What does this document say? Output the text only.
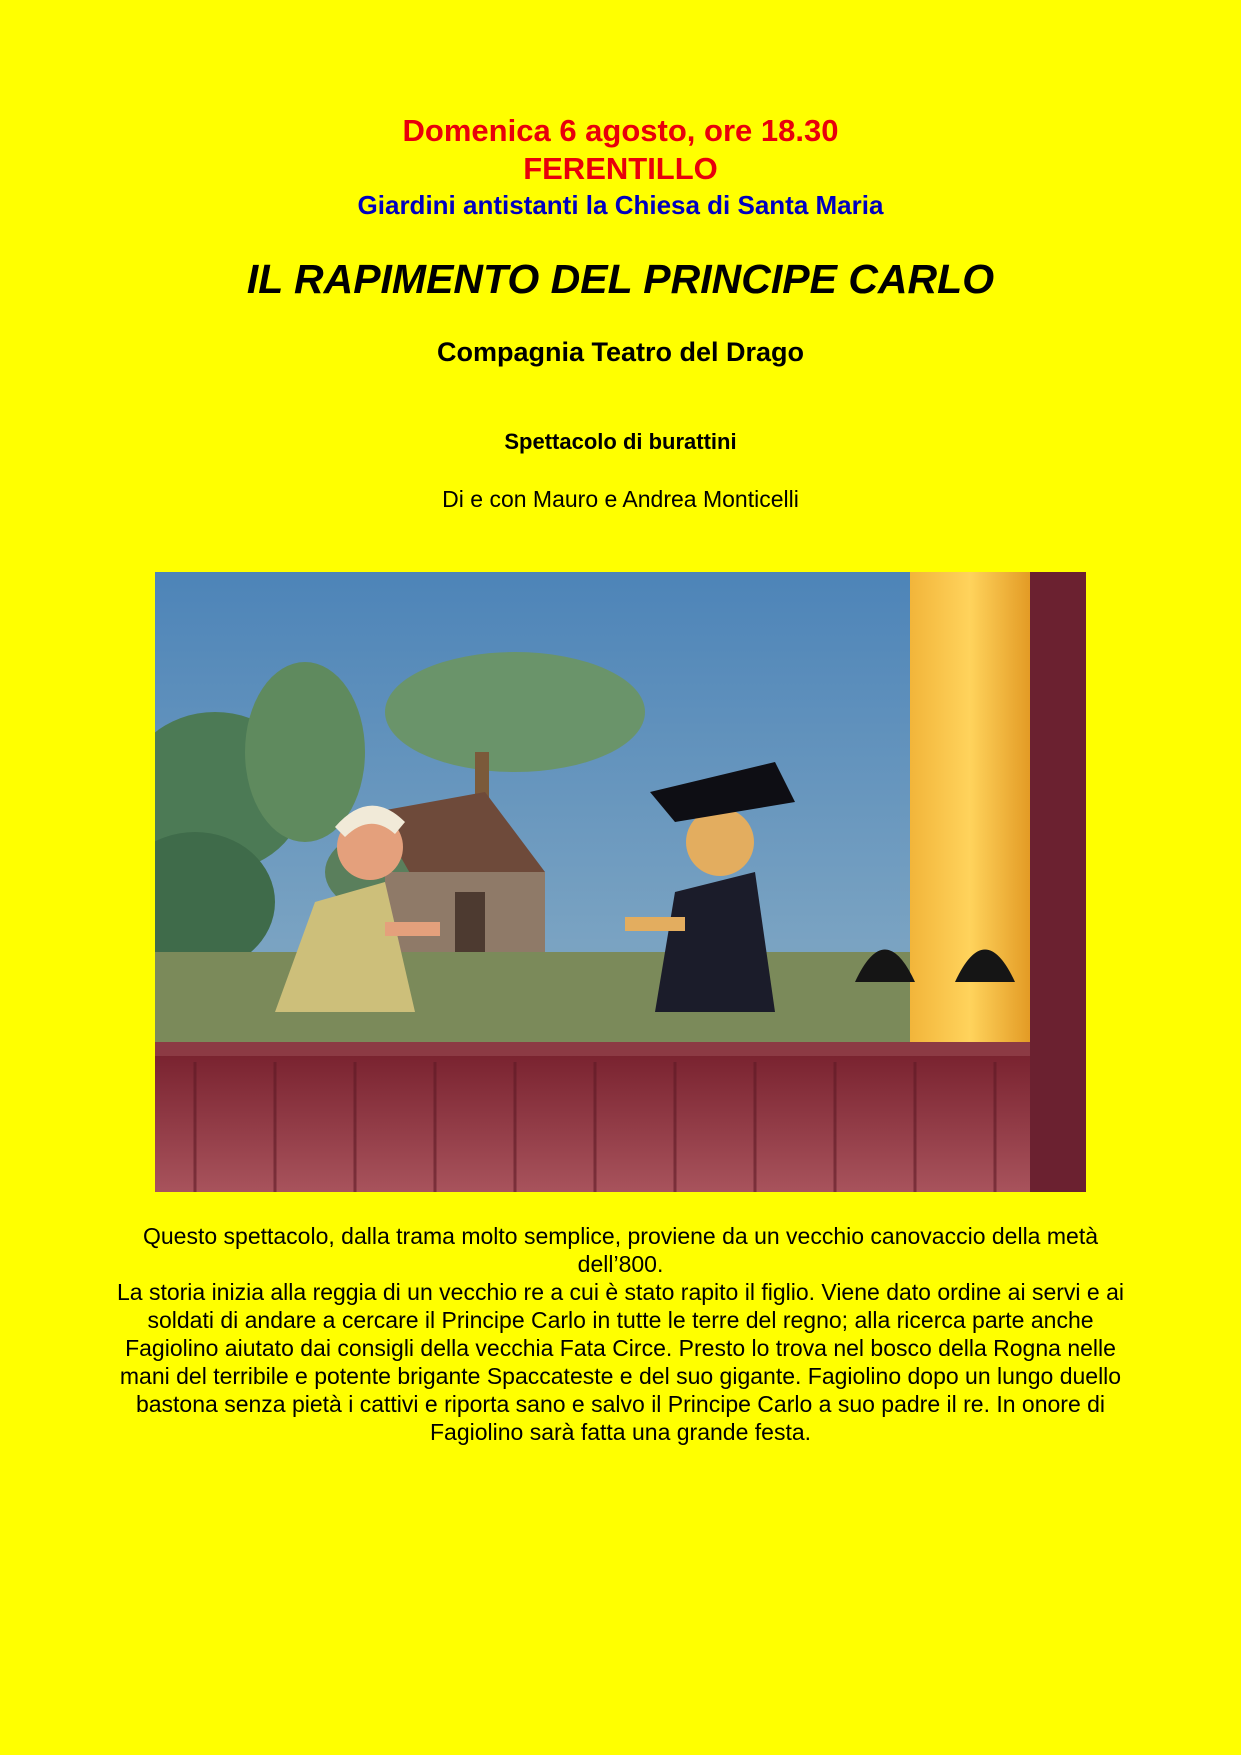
Domenica 6 agosto, ore 18.30
FERENTILLO
Giardini antistanti la Chiesa di Santa Maria
IL RAPIMENTO DEL PRINCIPE CARLO
Compagnia Teatro del Drago
Spettacolo di burattini
Di e con Mauro e Andrea Monticelli

Questo spettacolo, dalla trama molto semplice, proviene da un vecchio canovaccio della metà dell’800.

La storia inizia alla reggia di un vecchio re a cui è stato rapito il figlio. Viene dato ordine ai servi e ai soldati di andare a cercare il Principe Carlo in tutte le terre del regno; alla ricerca parte anche Fagiolino aiutato dai consigli della vecchia Fata Circe. Presto lo trova nel bosco della Rogna nelle mani del terribile e potente brigante Spaccateste e del suo gigante. Fagiolino dopo un lungo duello bastona senza pietà i cattivi e riporta sano e salvo il Principe Carlo a suo padre il re. In onore di Fagiolino sarà fatta una grande festa.
